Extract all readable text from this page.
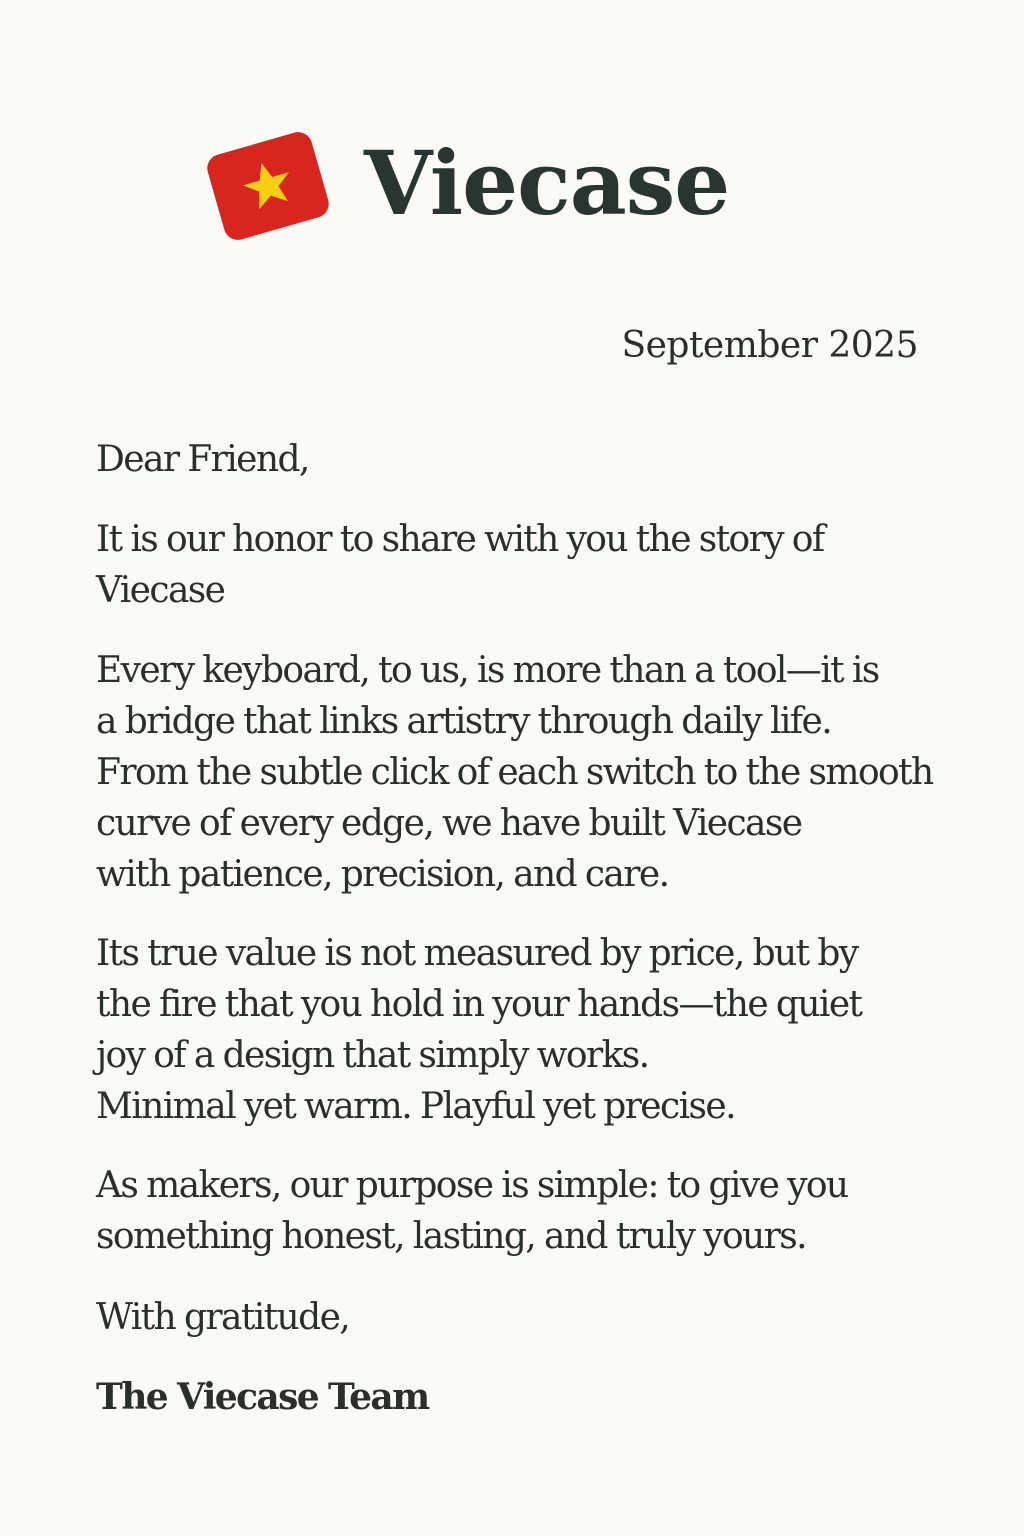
Viecase
September 2025
Dear Friend,
It is our honor to share with you the story of
Viecase
Every keyboard, to us, is more than a tool—it is
a bridge that links artistry through daily life.
From the subtle click of each switch to the smooth
curve of every edge, we have built Viecase
with patience, precision, and care.
Its true value is not measured by price, but by
the fire that you hold in your hands—the quiet
joy of a design that simply works.
Minimal yet warm. Playful yet precise.
As makers, our purpose is simple: to give you
something honest, lasting, and truly yours.
With gratitude,
The Viecase Team
